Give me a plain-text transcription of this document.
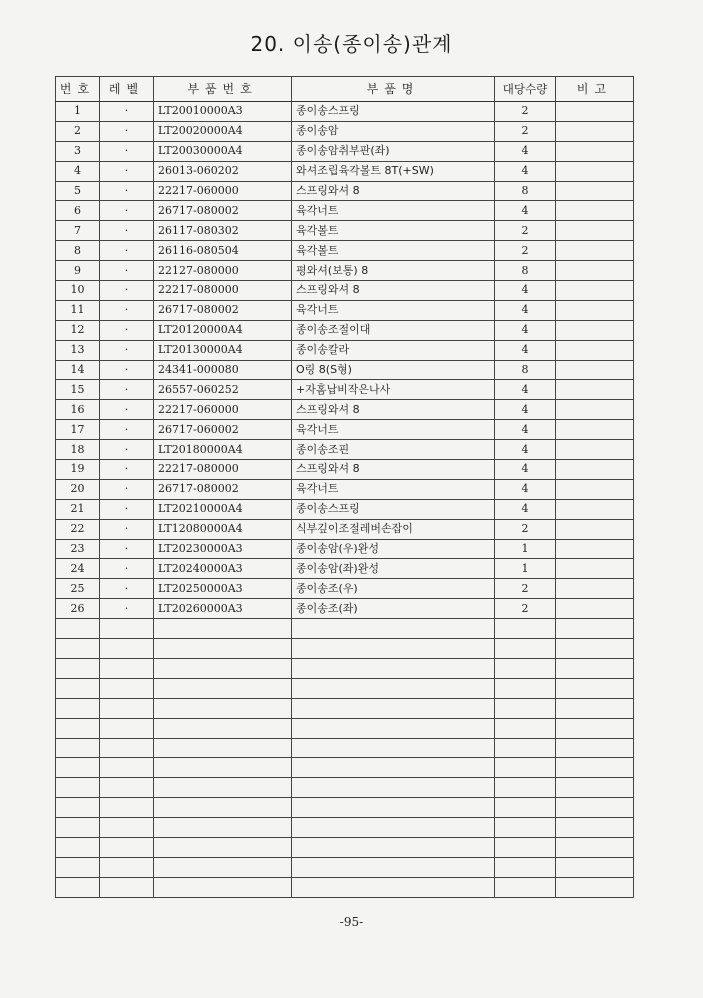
20. 이송(종이송)관계
번호	레벨	부품번호	부품명	대당수량	비고
1	·	LT20010000A3	종이송스프링	2	
2	·	LT20020000A4	종이송암	2	
3	·	LT20030000A4	종이송암취부판(좌)	4	
4	·	26013-060202	와셔조립육각볼트 8T(+SW)	4	
5	·	22217-060000	스프링와셔 8	8	
6	·	26717-080002	육각너트	4	
7	·	26117-080302	육각볼트	2	
8	·	26116-080504	육각볼트	2	
9	·	22127-080000	평와셔(보통) 8	8	
10	·	22217-080000	스프링와셔 8	4	
11	·	26717-080002	육각너트	4	
12	·	LT20120000A4	종이송조절이대	4	
13	·	LT20130000A4	종이송칼라	4	
14	·	24341-000080	O링 8(S형)	8	
15	·	26557-060252	+자홈납비작은나사	4	
16	·	22217-060000	스프링와셔 8	4	
17	·	26717-060002	육각너트	4	
18	·	LT20180000A4	종이송조핀	4	
19	·	22217-080000	스프링와셔 8	4	
20	·	26717-080002	육각너트	4	
21	·	LT20210000A4	종이송스프링	4	
22	·	LT12080000A4	식부깊이조절레버손잡이	2	
23	·	LT20230000A3	종이송암(우)완성	1	
24	·	LT20240000A3	종이송암(좌)완성	1	
25	·	LT20250000A3	종이송조(우)	2	
26	·	LT20260000A3	종이송조(좌)	2	

-95-
